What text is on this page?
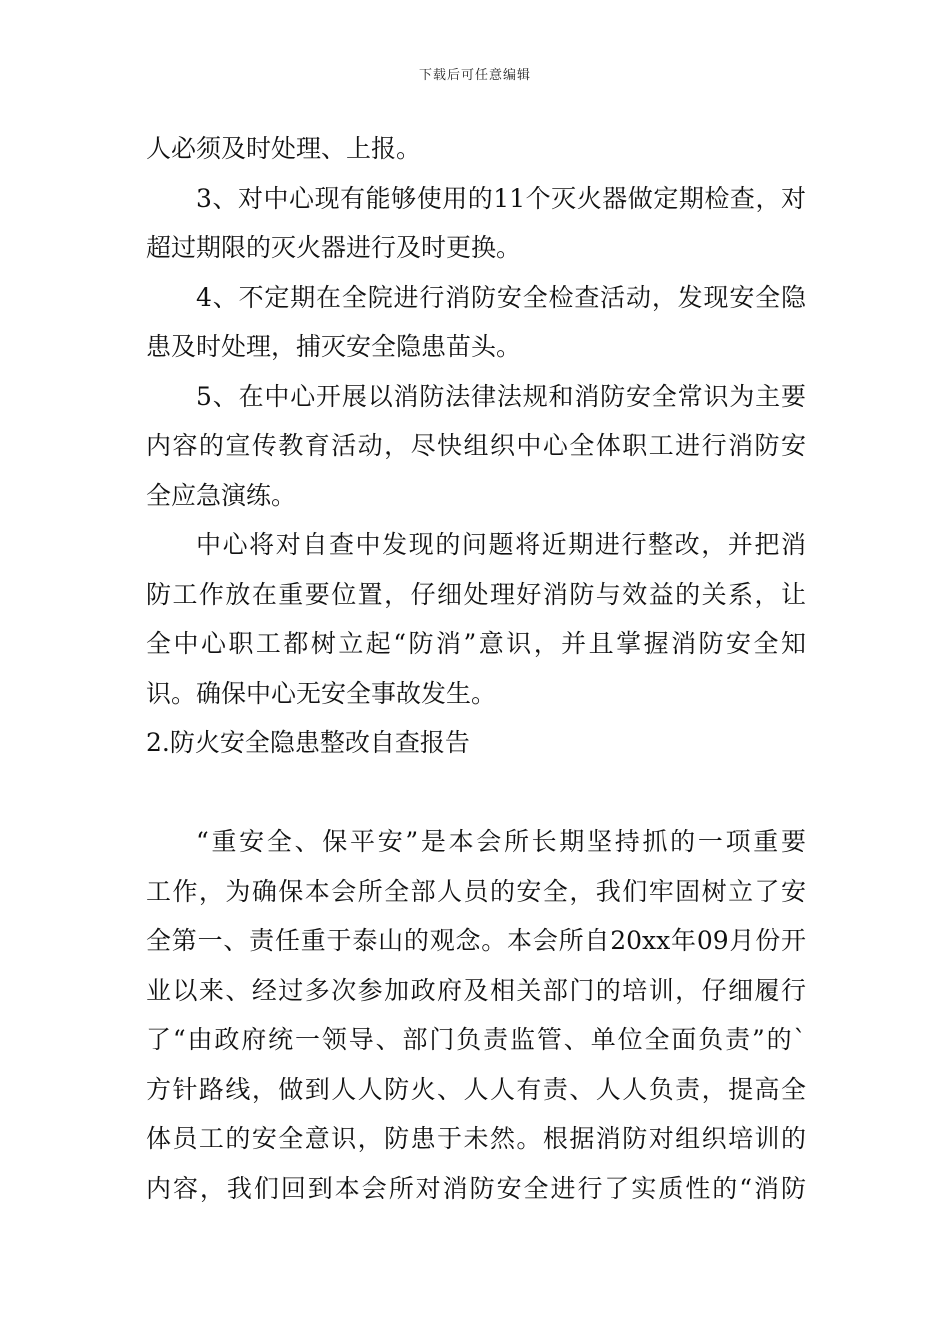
下载后可任意编辑
人必须及时处理、上报。
3、对中心现有能够使用的11个灭火器做定期检查，对
超过期限的灭火器进行及时更换。
4、不定期在全院进行消防安全检查活动，发现安全隐
患及时处理，捕灭安全隐患苗头。
5、在中心开展以消防法律法规和消防安全常识为主要
内容的宣传教育活动，尽快组织中心全体职工进行消防安
全应急演练。
中心将对自查中发现的问题将近期进行整改，并把消
防工作放在重要位置，仔细处理好消防与效益的关系，让
全中心职工都树立起“防消”意识，并且掌握消防安全知
识。确保中心无安全事故发生。
2.防火安全隐患整改自查报告
“重安全、保平安”是本会所长期坚持抓的一项重要
工作，为确保本会所全部人员的安全，我们牢固树立了安
全第一、责任重于泰山的观念。本会所自20xx年09月份开
业以来、经过多次参加政府及相关部门的培训，仔细履行
了“由政府统一领导、部门负责监管、单位全面负责”的`
方针路线，做到人人防火、人人有责、人人负责，提高全
体员工的安全意识，防患于未然。根据消防对组织培训的
内容，我们回到本会所对消防安全进行了实质性的“消防
